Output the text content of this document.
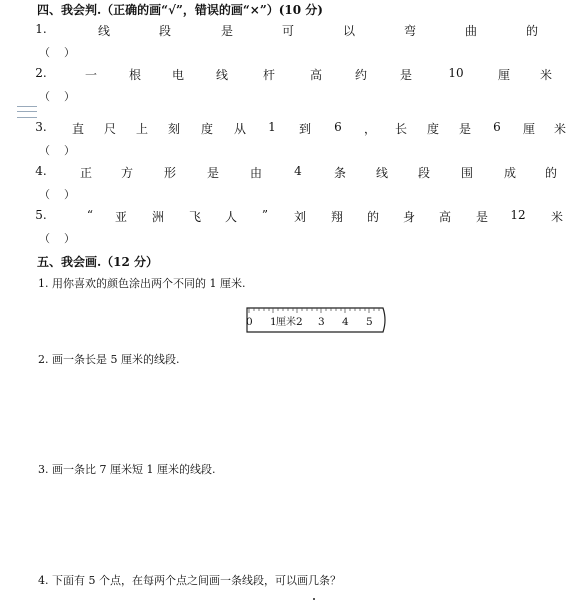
四、我会判.（正确的画“√”，错误的画“×”）(10 分)
1.	线	段	是	可	以	弯	曲	的
（    ）
2.	一	根	电	线	杆	高	约	是	10	厘 米
（    ）
3. 直 尺 上 刻 度 从 1 到 6 ， 长 度 是 6 厘 米
（    ）
4.	正 方	形	是	由	4	条 线 段	围	成 的
（    ）
5.	“ 亚 洲 飞 人 ” 刘 翔 的 身 高 是 12 米
（    ）
五、我会画.（12 分）
1. 用你喜欢的颜色涂出两个不同的 1 厘米.
0 1 厘米 2 3 4 5
2. 画一条长是 5 厘米的线段.
3. 画一条比 7 厘米短 1 厘米的线段.
4. 下面有 5 个点，在每两个点之间画一条线段，可以画几条？
